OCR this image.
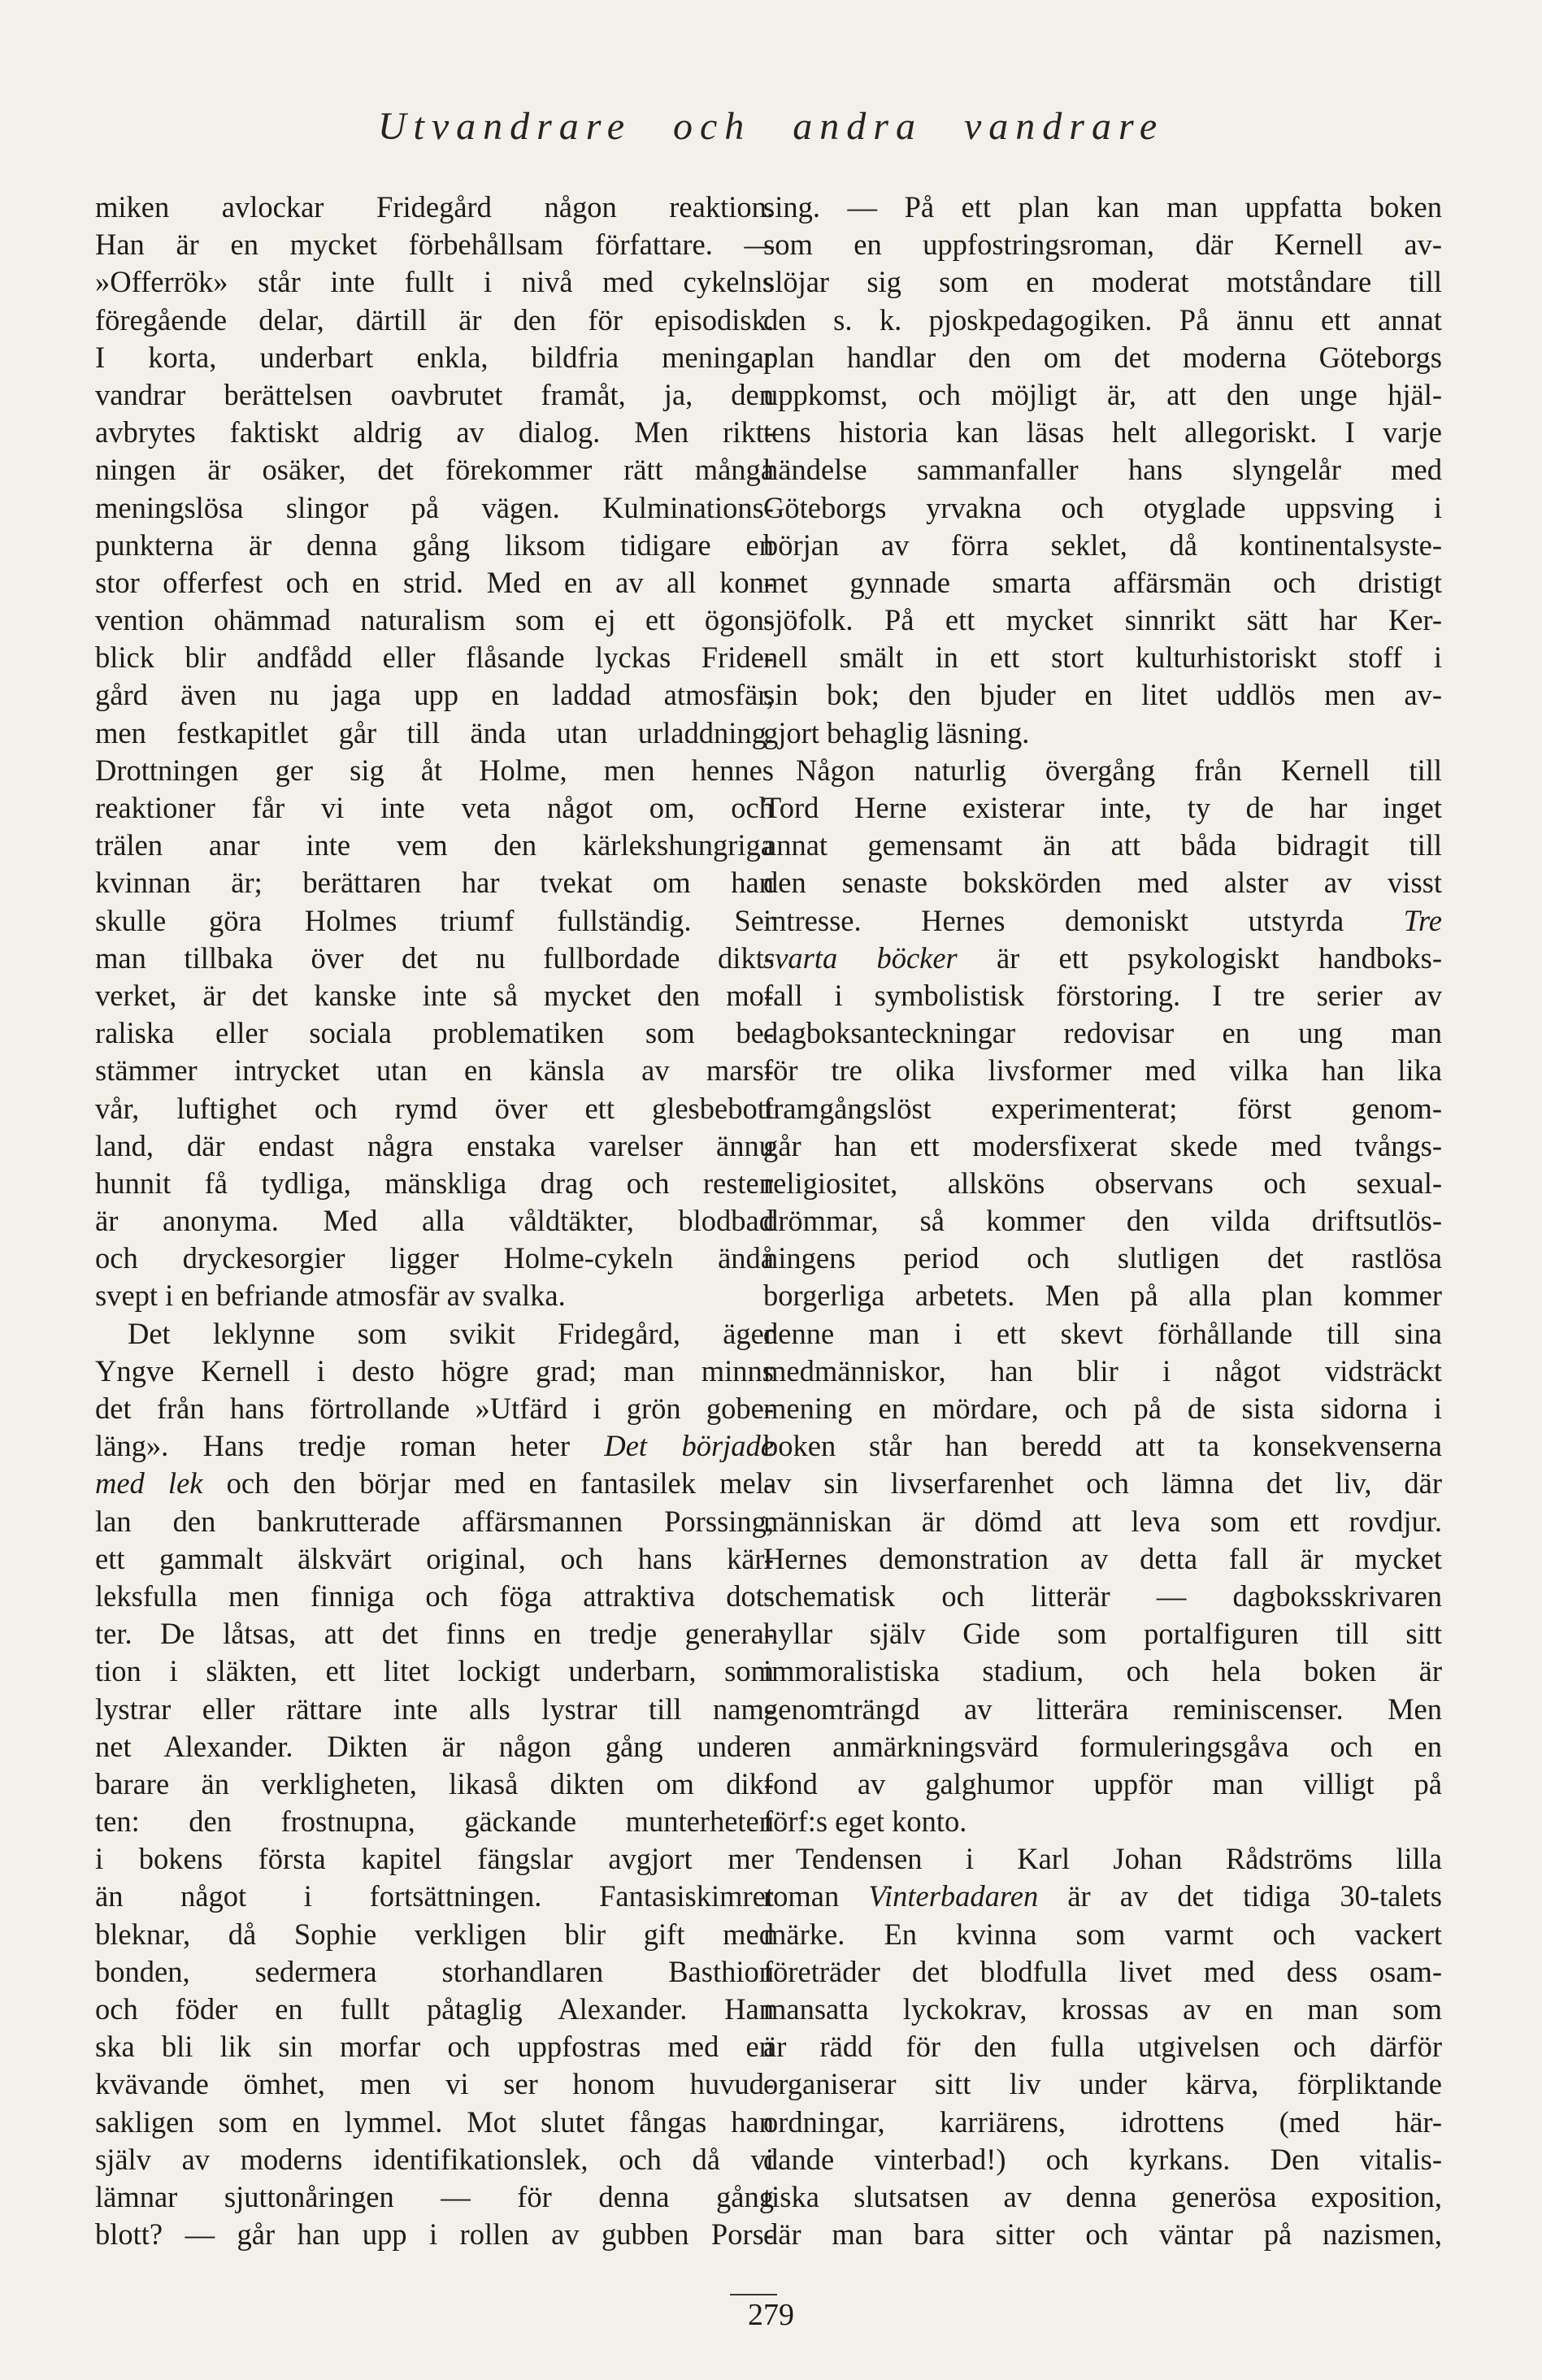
Utvandrare och andra vandrare
miken avlockar Fridegård någon reaktion.
Han är en mycket förbehållsam författare. —
»Offerrök» står inte fullt i nivå med cykelns
föregående delar, därtill är den för episodisk.
I korta, underbart enkla, bildfria meningar
vandrar berättelsen oavbrutet framåt, ja, den
avbrytes faktiskt aldrig av dialog. Men rikt-
ningen är osäker, det förekommer rätt många
meningslösa slingor på vägen. Kulminations-
punkterna är denna gång liksom tidigare en
stor offerfest och en strid. Med en av all kon-
vention ohämmad naturalism som ej ett ögon-
blick blir andfådd eller flåsande lyckas Fride-
gård även nu jaga upp en laddad atmosfär,
men festkapitlet går till ända utan urladdning.
Drottningen ger sig åt Holme, men hennes
reaktioner får vi inte veta något om, och
trälen anar inte vem den kärlekshungriga
kvinnan är; berättaren har tvekat om han
skulle göra Holmes triumf fullständig. Ser
man tillbaka över det nu fullbordade dikt-
verket, är det kanske inte så mycket den mo-
raliska eller sociala problematiken som be-
stämmer intrycket utan en känsla av mars-
vår, luftighet och rymd över ett glesbebott
land, där endast några enstaka varelser ännu
hunnit få tydliga, mänskliga drag och resten
är anonyma. Med alla våldtäkter, blodbad
och dryckesorgier ligger Holme-cykeln ändå
svept i en befriande atmosfär av svalka.
Det leklynne som svikit Fridegård, äger
Yngve Kernell i desto högre grad; man minns
det från hans förtrollande »Utfärd i grön gobe-
läng». Hans tredje roman heter Det började
med lek och den börjar med en fantasilek mel-
lan den bankrutterade affärsmannen Porssing,
ett gammalt älskvärt original, och hans kär-
leksfulla men finniga och föga attraktiva dot-
ter. De låtsas, att det finns en tredje genera-
tion i släkten, ett litet lockigt underbarn, som
lystrar eller rättare inte alls lystrar till nam-
net Alexander. Dikten är någon gång under-
barare än verkligheten, likaså dikten om dik-
ten: den frostnupna, gäckande munterheten
i bokens första kapitel fängslar avgjort mer
än något i fortsättningen. Fantasiskimret
bleknar, då Sophie verkligen blir gift med
bonden, sedermera storhandlaren Basthion
och föder en fullt påtaglig Alexander. Han
ska bli lik sin morfar och uppfostras med en
kvävande ömhet, men vi ser honom huvud-
sakligen som en lymmel. Mot slutet fångas han
själv av moderns identifikationslek, och då vi
lämnar sjuttonåringen — för denna gång
blott? — går han upp i rollen av gubben Pors-
sing. — På ett plan kan man uppfatta boken
som en uppfostringsroman, där Kernell av-
slöjar sig som en moderat motståndare till
den s. k. pjoskpedagogiken. På ännu ett annat
plan handlar den om det moderna Göteborgs
uppkomst, och möjligt är, att den unge hjäl-
tens historia kan läsas helt allegoriskt. I varje
händelse sammanfaller hans slyngelår med
Göteborgs yrvakna och otyglade uppsving i
början av förra seklet, då kontinentalsyste-
met gynnade smarta affärsmän och dristigt
sjöfolk. På ett mycket sinnrikt sätt har Ker-
nell smält in ett stort kulturhistoriskt stoff i
sin bok; den bjuder en litet uddlös men av-
gjort behaglig läsning.
Någon naturlig övergång från Kernell till
Tord Herne existerar inte, ty de har inget
annat gemensamt än att båda bidragit till
den senaste bokskörden med alster av visst
intresse. Hernes demoniskt utstyrda Tre
svarta böcker är ett psykologiskt handboks-
fall i symbolistisk förstoring. I tre serier av
dagboksanteckningar redovisar en ung man
för tre olika livsformer med vilka han lika
framgångslöst experimenterat; först genom-
går han ett modersfixerat skede med tvångs-
religiositet, allsköns observans och sexual-
drömmar, så kommer den vilda driftsutlös-
ningens period och slutligen det rastlösa
borgerliga arbetets. Men på alla plan kommer
denne man i ett skevt förhållande till sina
medmänniskor, han blir i något vidsträckt
mening en mördare, och på de sista sidorna i
boken står han beredd att ta konsekvenserna
av sin livserfarenhet och lämna det liv, där
människan är dömd att leva som ett rovdjur.
Hernes demonstration av detta fall är mycket
schematisk och litterär — dagboksskrivaren
hyllar själv Gide som portalfiguren till sitt
immoralistiska stadium, och hela boken är
genomträngd av litterära reminiscenser. Men
en anmärkningsvärd formuleringsgåva och en
fond av galghumor uppför man villigt på
förf:s eget konto.
Tendensen i Karl Johan Rådströms lilla
roman Vinterbadaren är av det tidiga 30-talets
märke. En kvinna som varmt och vackert
företräder det blodfulla livet med dess osam-
mansatta lyckokrav, krossas av en man som
är rädd för den fulla utgivelsen och därför
organiserar sitt liv under kärva, förpliktande
ordningar, karriärens, idrottens (med här-
dande vinterbad!) och kyrkans. Den vitalis-
tiska slutsatsen av denna generösa exposition,
där man bara sitter och väntar på nazismen,
279
